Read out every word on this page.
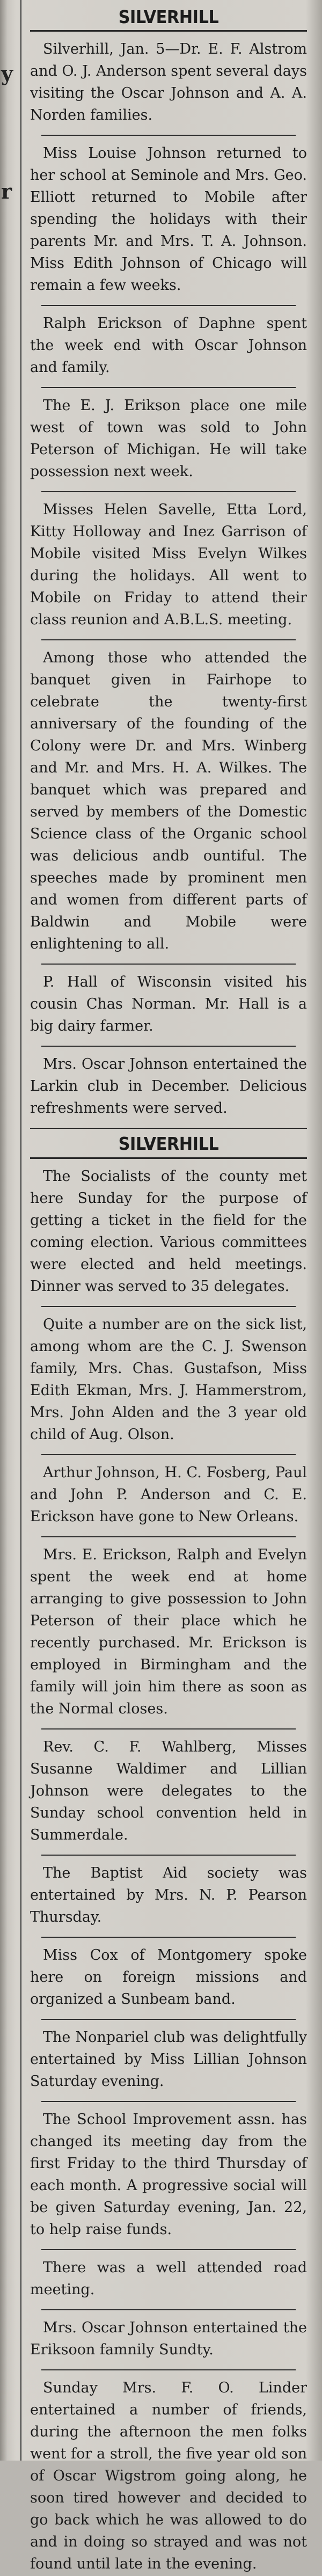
y
r
SILVERHILL

Silverhill, Jan. 5—Dr. E. F. Alstrom and O. J. Anderson spent several days visiting the Oscar Johnson and A. A. Norden families.

Miss Louise Johnson returned to her school at Seminole and Mrs. Geo. Elliott returned to Mobile after spending the holidays with their parents Mr. and Mrs. T. A. Johnson. Miss Edith Johnson of Chicago will remain a few weeks.

Ralph Erickson of Daphne spent the week end with Oscar Johnson and family.

The E. J. Erikson place one mile west of town was sold to John Peterson of Michigan. He will take possession next week.

Misses Helen Savelle, Etta Lord, Kitty Holloway and Inez Garrison of Mobile visited Miss Evelyn Wilkes during the holidays. All went to Mobile on Friday to attend their class reunion and A.B.L.S. meeting.

Among those who attended the banquet given in Fairhope to celebrate the twenty-first anniversary of the founding of the Colony were Dr. and Mrs. Winberg and Mr. and Mrs. H. A. Wilkes. The banquet which was prepared and served by members of the Domestic Science class of the Organic school was delicious andb ountiful. The speeches made by prominent men and women from different parts of Baldwin and Mobile were enlightening to all.

P. Hall of Wisconsin visited his cousin Chas Norman. Mr. Hall is a big dairy farmer.

Mrs. Oscar Johnson entertained the Larkin club in December. Delicious refreshments were served.

SILVERHILL

The Socialists of the county met here Sunday for the purpose of getting a ticket in the field for the coming election. Various committees were elected and held meetings. Dinner was served to 35 delegates.

Quite a number are on the sick list, among whom are the C. J. Swenson family, Mrs. Chas. Gustafson, Miss Edith Ekman, Mrs. J. Hammerstrom, Mrs. John Alden and the 3 year old child of Aug. Olson.

Arthur Johnson, H. C. Fosberg, Paul and John P. Anderson and C. E. Erickson have gone to New Orleans.

Mrs. E. Erickson, Ralph and Evelyn spent the week end at home arranging to give possession to John Peterson of their place which he recently purchased. Mr. Erickson is employed in Birmingham and the family will join him there as soon as the Normal closes.

Rev. C. F. Wahlberg, Misses Susanne Waldimer and Lillian Johnson were delegates to the Sunday school convention held in Summerdale.

The Baptist Aid society was entertained by Mrs. N. P. Pearson Thursday.

Miss Cox of Montgomery spoke here on foreign missions and organized a Sunbeam band.

The Nonpariel club was delightfully entertained by Miss Lillian Johnson Saturday evening.

The School Improvement assn. has changed its meeting day from the first Friday to the third Thursday of each month. A progressive social will be given Saturday evening, Jan. 22, to help raise funds.

There was a well attended road meeting.

Mrs. Oscar Johnson entertained the Eriksoon famnily Sundty.

Sunday Mrs. F. O. Linder entertained a number of friends, during the afternoon the men folks went for a stroll, the five year old son of Oscar Wigstrom going along, he soon tired however and decided to go back which he was allowed to do and in doing so strayed and was not found until late in the evening.
